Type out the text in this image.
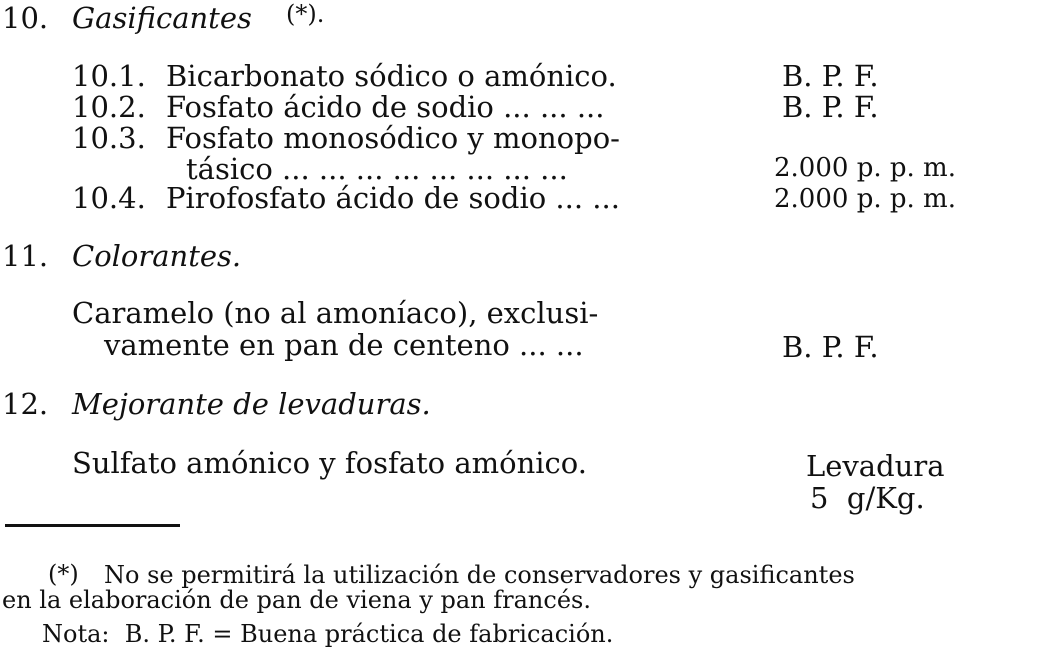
10. Gasificantes (*).
10.1. Bicarbonato sódico o amónico.	B. P. F.
10.2. Fosfato ácido de sodio ... ... ...	B. P. F.
10.3. Fosfato monosódico y monopo-
tásico ... ... ... ... ... ... ... ...	2.000 p. p. m.
10.4. Pirofosfato ácido de sodio ... ...	2.000 p. p. m.
11. Colorantes.
Caramelo (no al amoníaco), exclusi-
vamente en pan de centeno ... ...	B. P. F.
12. Mejorante de levaduras.
Sulfato amónico y fosfato amónico.	Levadura
5  g/Kg.
(*) No se permitirá la utilización de conservadores y gasificantes
en la elaboración de pan de viena y pan francés.
Nota:  B. P. F. = Buena práctica de fabricación.
